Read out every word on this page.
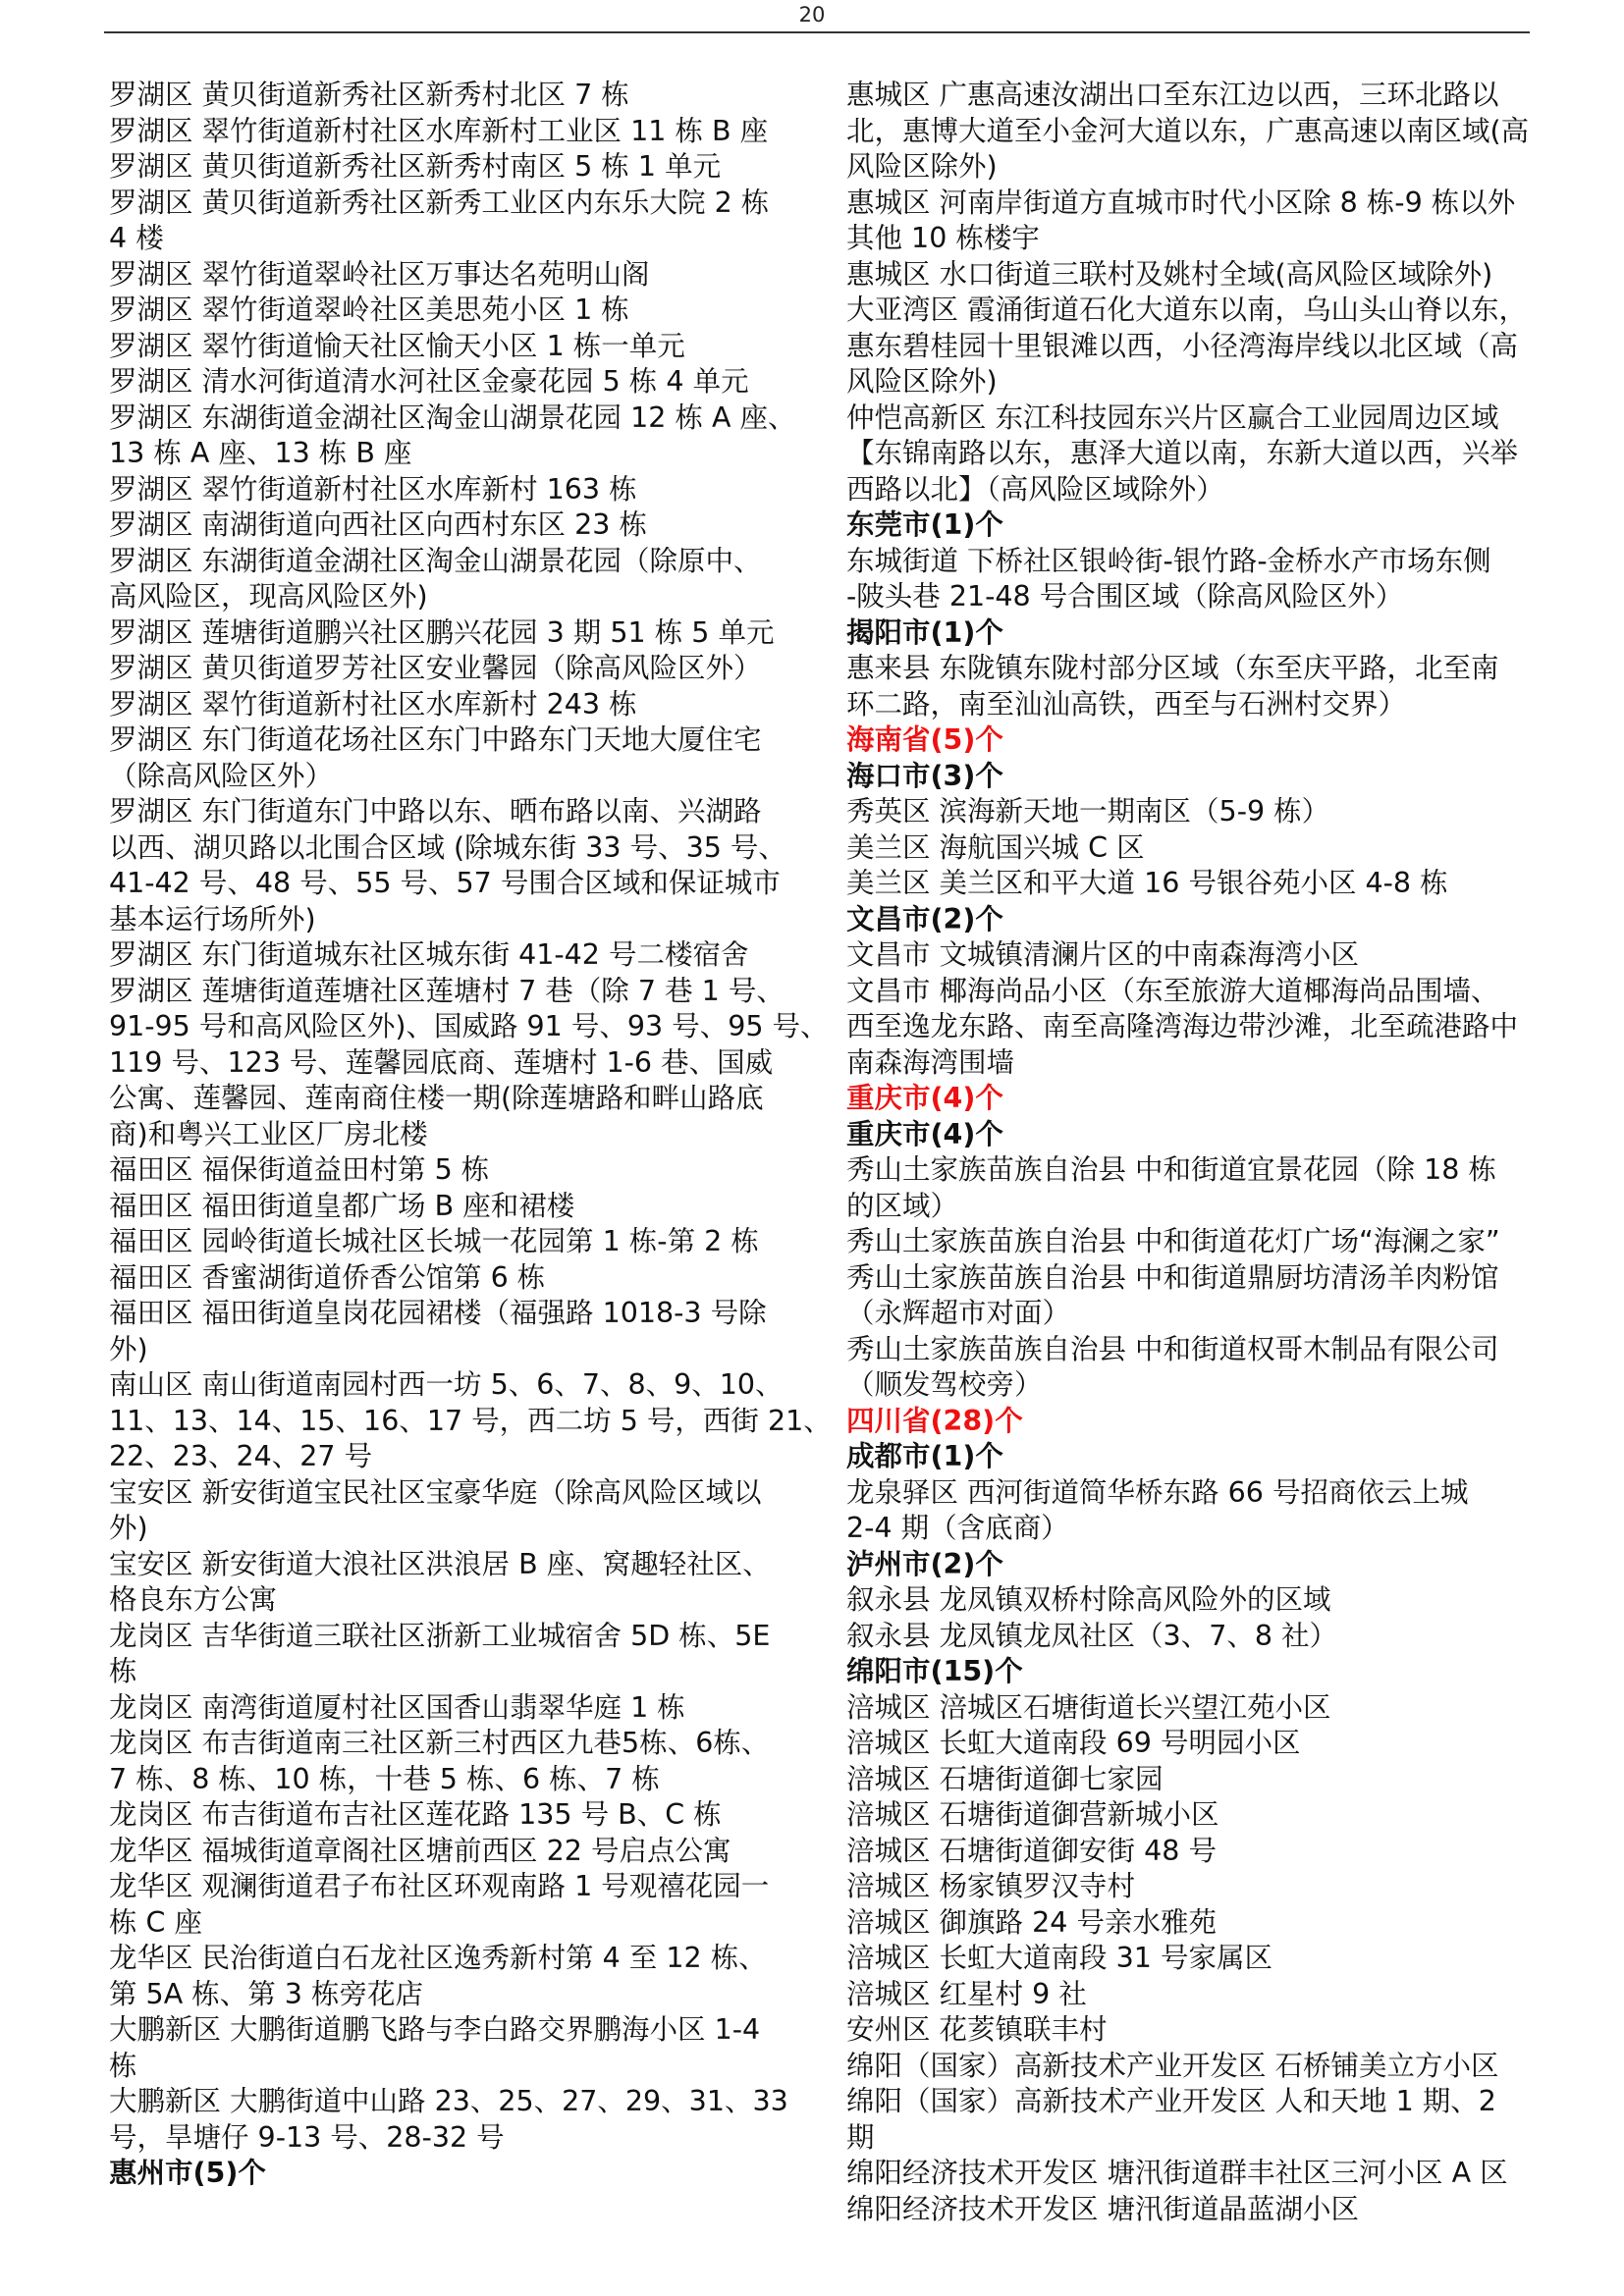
20
罗湖区 黄贝街道新秀社区新秀村北区 7 栋
罗湖区 翠竹街道新村社区水库新村工业区 11 栋 B 座
罗湖区 黄贝街道新秀社区新秀村南区 5 栋 1 单元
罗湖区 黄贝街道新秀社区新秀工业区内东乐大院 2 栋
4 楼
罗湖区 翠竹街道翠岭社区万事达名苑明山阁
罗湖区 翠竹街道翠岭社区美思苑小区 1 栋
罗湖区 翠竹街道愉天社区愉天小区 1 栋一单元
罗湖区 清水河街道清水河社区金豪花园 5 栋 4 单元
罗湖区 东湖街道金湖社区淘金山湖景花园 12 栋 A 座、
13 栋 A 座、13 栋 B 座
罗湖区 翠竹街道新村社区水库新村 163 栋
罗湖区 南湖街道向西社区向西村东区 23 栋
罗湖区 东湖街道金湖社区淘金山湖景花园（除原中、
高风险区，现高风险区外)
罗湖区 莲塘街道鹏兴社区鹏兴花园 3 期 51 栋 5 单元
罗湖区 黄贝街道罗芳社区安业馨园（除高风险区外）
罗湖区 翠竹街道新村社区水库新村 243 栋
罗湖区 东门街道花场社区东门中路东门天地大厦住宅
（除高风险区外）
罗湖区 东门街道东门中路以东、晒布路以南、兴湖路
以西、湖贝路以北围合区域 (除城东街 33 号、35 号、
41-42 号、48 号、55 号、57 号围合区域和保证城市
基本运行场所外)
罗湖区 东门街道城东社区城东街 41-42 号二楼宿舍
罗湖区 莲塘街道莲塘社区莲塘村 7 巷（除 7 巷 1 号、
91-95 号和高风险区外)、国威路 91 号、93 号、95 号、
119 号、123 号、莲馨园底商、莲塘村 1-6 巷、国威
公寓、莲馨园、莲南商住楼一期(除莲塘路和畔山路底
商)和粤兴工业区厂房北楼
福田区 福保街道益田村第 5 栋
福田区 福田街道皇都广场 B 座和裙楼
福田区 园岭街道长城社区长城一花园第 1 栋-第 2 栋
福田区 香蜜湖街道侨香公馆第 6 栋
福田区 福田街道皇岗花园裙楼（福强路 1018-3 号除
外)
南山区 南山街道南园村西一坊 5、6、7、8、9、10、
11、13、14、15、16、17 号，西二坊 5 号，西街 21、
22、23、24、27 号
宝安区 新安街道宝民社区宝豪华庭（除高风险区域以
外)
宝安区 新安街道大浪社区洪浪居 B 座、窝趣轻社区、
格良东方公寓
龙岗区 吉华街道三联社区浙新工业城宿舍 5D 栋、5E
栋
龙岗区 南湾街道厦村社区国香山翡翠华庭 1 栋
龙岗区 布吉街道南三社区新三村西区九巷5栋、6栋、
7 栋、8 栋、10 栋，十巷 5 栋、6 栋、7 栋
龙岗区 布吉街道布吉社区莲花路 135 号 B、C 栋
龙华区 福城街道章阁社区塘前西区 22 号启点公寓
龙华区 观澜街道君子布社区环观南路 1 号观禧花园一
栋 C 座
龙华区 民治街道白石龙社区逸秀新村第 4 至 12 栋、
第 5A 栋、第 3 栋旁花店
大鹏新区 大鹏街道鹏飞路与李白路交界鹏海小区 1-4
栋
大鹏新区 大鹏街道中山路 23、25、27、29、31、33
号，旱塘仔 9-13 号、28-32 号
惠州市(5)个
惠城区 广惠高速汝湖出口至东江边以西，三环北路以
北，惠博大道至小金河大道以东，广惠高速以南区域(高
风险区除外)
惠城区 河南岸街道方直城市时代小区除 8 栋-9 栋以外
其他 10 栋楼宇
惠城区 水口街道三联村及姚村全域(高风险区域除外)
大亚湾区 霞涌街道石化大道东以南，乌山头山脊以东，
惠东碧桂园十里银滩以西，小径湾海岸线以北区域（高
风险区除外)
仲恺高新区 东江科技园东兴片区赢合工业园周边区域
【东锦南路以东，惠泽大道以南，东新大道以西，兴举
西路以北】（高风险区域除外）
东莞市(1)个
东城街道 下桥社区银岭街-银竹路-金桥水产市场东侧
-陂头巷 21-48 号合围区域（除高风险区外）
揭阳市(1)个
惠来县 东陇镇东陇村部分区域（东至庆平路，北至南
环二路，南至汕汕高铁，西至与石洲村交界）
海南省(5)个
海口市(3)个
秀英区 滨海新天地一期南区（5-9 栋）
美兰区 海航国兴城 C 区
美兰区 美兰区和平大道 16 号银谷苑小区 4-8 栋
文昌市(2)个
文昌市 文城镇清澜片区的中南森海湾小区
文昌市 椰海尚品小区（东至旅游大道椰海尚品围墙、
西至逸龙东路、南至高隆湾海边带沙滩，北至疏港路中
南森海湾围墙
重庆市(4)个
重庆市(4)个
秀山土家族苗族自治县 中和街道宜景花园（除 18 栋
的区域）
秀山土家族苗族自治县 中和街道花灯广场“海澜之家”
秀山土家族苗族自治县 中和街道鼎厨坊清汤羊肉粉馆
（永辉超市对面）
秀山土家族苗族自治县 中和街道权哥木制品有限公司
（顺发驾校旁）
四川省(28)个
成都市(1)个
龙泉驿区 西河街道简华桥东路 66 号招商依云上城
2-4 期（含底商）
泸州市(2)个
叙永县 龙凤镇双桥村除高风险外的区域
叙永县 龙凤镇龙凤社区（3、7、8 社）
绵阳市(15)个
涪城区 涪城区石塘街道长兴望江苑小区
涪城区 长虹大道南段 69 号明园小区
涪城区 石塘街道御七家园
涪城区 石塘街道御营新城小区
涪城区 石塘街道御安街 48 号
涪城区 杨家镇罗汉寺村
涪城区 御旗路 24 号亲水雅苑
涪城区 长虹大道南段 31 号家属区
涪城区 红星村 9 社
安州区 花荄镇联丰村
绵阳（国家）高新技术产业开发区 石桥铺美立方小区
绵阳（国家）高新技术产业开发区 人和天地 1 期、2
期
绵阳经济技术开发区 塘汛街道群丰社区三河小区 A 区
绵阳经济技术开发区 塘汛街道晶蓝湖小区
